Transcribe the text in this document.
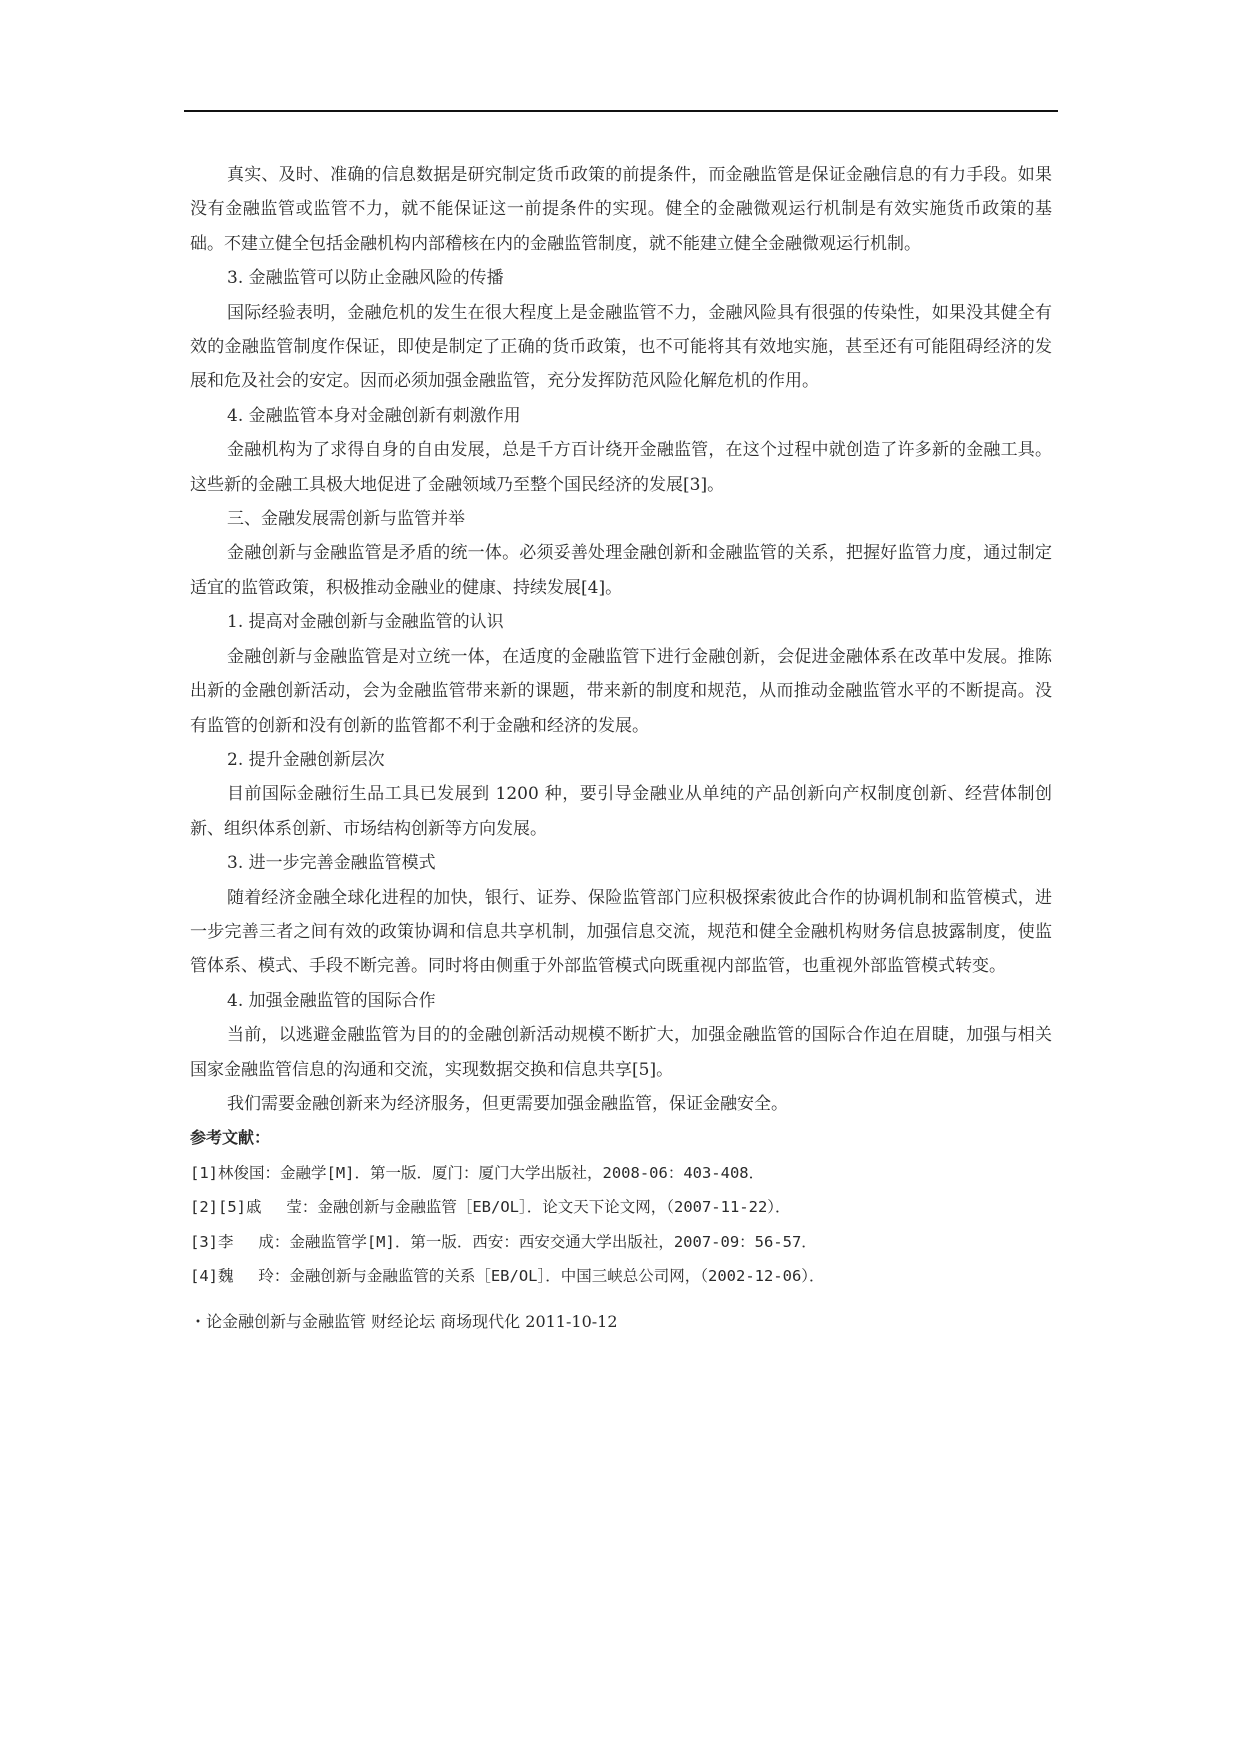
真实、及时、准确的信息数据是研究制定货币政策的前提条件，而金融监管是保证金融信息的有力手段。如果没有金融监管或监管不力，就不能保证这一前提条件的实现。健全的金融微观运行机制是有效实施货币政策的基础。不建立健全包括金融机构内部稽核在内的金融监管制度，就不能建立健全金融微观运行机制。

3. 金融监管可以防止金融风险的传播

国际经验表明，金融危机的发生在很大程度上是金融监管不力，金融风险具有很强的传染性，如果没其健全有效的金融监管制度作保证，即使是制定了正确的货币政策，也不可能将其有效地实施，甚至还有可能阻碍经济的发展和危及社会的安定。因而必须加强金融监管，充分发挥防范风险化解危机的作用。

4. 金融监管本身对金融创新有刺激作用

金融机构为了求得自身的自由发展，总是千方百计绕开金融监管，在这个过程中就创造了许多新的金融工具。这些新的金融工具极大地促进了金融领域乃至整个国民经济的发展[3]。

三、金融发展需创新与监管并举

金融创新与金融监管是矛盾的统一体。必须妥善处理金融创新和金融监管的关系，把握好监管力度，通过制定适宜的监管政策，积极推动金融业的健康、持续发展[4]。

1. 提高对金融创新与金融监管的认识

金融创新与金融监管是对立统一体，在适度的金融监管下进行金融创新，会促进金融体系在改革中发展。推陈出新的金融创新活动，会为金融监管带来新的课题，带来新的制度和规范，从而推动金融监管水平的不断提高。没有监管的创新和没有创新的监管都不利于金融和经济的发展。

2. 提升金融创新层次

目前国际金融衍生品工具已发展到 1200 种，要引导金融业从单纯的产品创新向产权制度创新、经营体制创新、组织体系创新、市场结构创新等方向发展。

3. 进一步完善金融监管模式

随着经济金融全球化进程的加快，银行、证券、保险监管部门应积极探索彼此合作的协调机制和监管模式，进一步完善三者之间有效的政策协调和信息共享机制，加强信息交流，规范和健全金融机构财务信息披露制度，使监管体系、模式、手段不断完善。同时将由侧重于外部监管模式向既重视内部监管，也重视外部监管模式转变。

4. 加强金融监管的国际合作

当前，以逃避金融监管为目的的金融创新活动规模不断扩大，加强金融监管的国际合作迫在眉睫，加强与相关国家金融监管信息的沟通和交流，实现数据交换和信息共享[5]。

我们需要金融创新来为经济服务，但更需要加强金融监管，保证金融安全。

参考文献：

[1]林俊国：金融学[M]．第一版．厦门：厦门大学出版社，2008-06：403-408．

[2][5]戚　 莹：金融创新与金融监管［EB/OL］．论文天下论文网，（2007-11-22）．

[3]李　 成：金融监管学[M]．第一版．西安：西安交通大学出版社，2007-09：56-57．

[4]魏　 玲：金融创新与金融监管的关系［EB/OL］．中国三峡总公司网，（2002-12-06）．

・论金融创新与金融监管 财经论坛 商场现代化 2011-10-12
